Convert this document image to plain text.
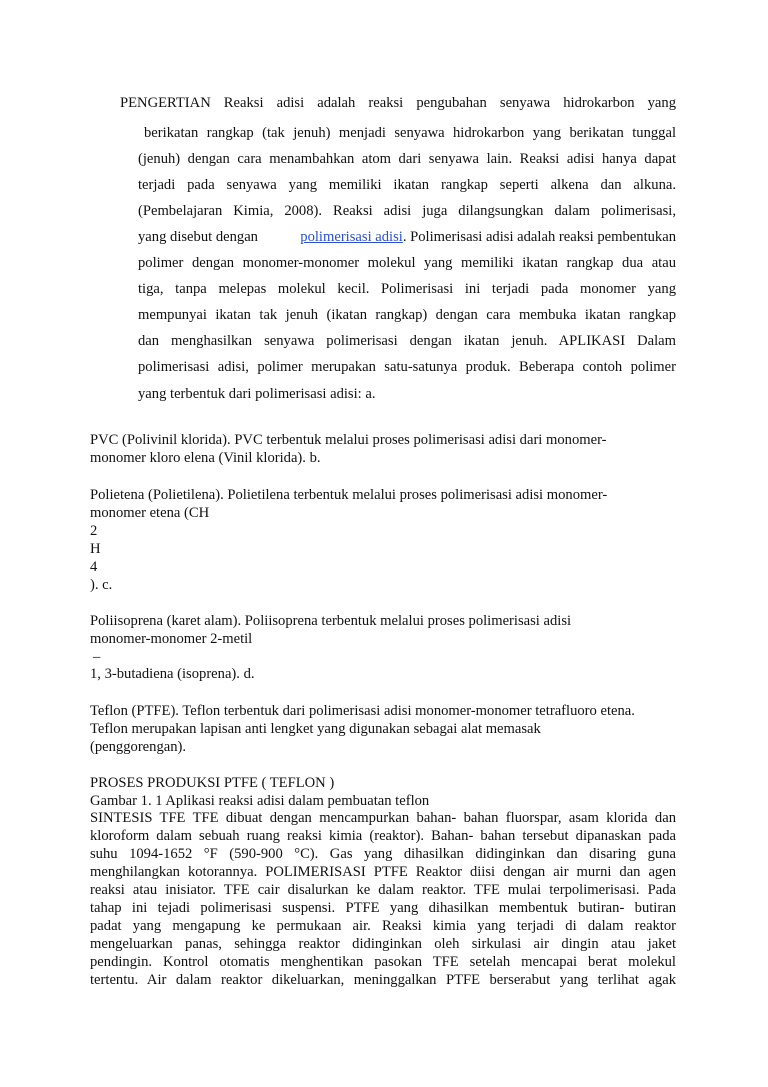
PENGERTIAN Reaksi adisi adalah reaksi pengubahan senyawa hidrokarbon yang
berikatan rangkap (tak jenuh) menjadi senyawa hidrokarbon yang berikatan tunggal
(jenuh) dengan cara menambahkan atom dari senyawa lain. Reaksi adisi hanya dapat
terjadi pada senyawa yang memiliki ikatan rangkap seperti alkena dan alkuna.
(Pembelajaran Kimia, 2008). Reaksi adisi juga dilangsungkan dalam polimerisasi,
yang disebut dengan	polimerisasi adisi. Polimerisasi adisi adalah reaksi pembentukan
polimer dengan monomer-monomer molekul yang memiliki ikatan rangkap dua atau
tiga, tanpa melepas molekul kecil. Polimerisasi ini terjadi pada monomer yang
mempunyai ikatan tak jenuh (ikatan rangkap) dengan cara membuka ikatan rangkap
dan menghasilkan senyawa polimerisasi dengan ikatan jenuh. APLIKASI Dalam
polimerisasi adisi, polimer merupakan satu-satunya produk. Beberapa contoh polimer
yang terbentuk dari polimerisasi adisi: a.
PVC (Polivinil klorida). PVC terbentuk melalui proses polimerisasi adisi dari monomer-
monomer kloro elena (Vinil klorida). b.
Polietena (Polietilena). Polietilena terbentuk melalui proses polimerisasi adisi monomer-
monomer etena (CH
2
H
4
). c.
Poliisoprena (karet alam). Poliisoprena terbentuk melalui proses polimerisasi adisi
monomer-monomer 2-metil
–
1, 3-butadiena (isoprena). d.
Teflon (PTFE). Teflon terbentuk dari polimerisasi adisi monomer-monomer tetrafluoro etena.
Teflon merupakan lapisan anti lengket yang digunakan sebagai alat memasak
(penggorengan).
PROSES PRODUKSI PTFE ( TEFLON )
Gambar 1. 1 Aplikasi reaksi adisi dalam pembuatan teflon
SINTESIS TFE TFE dibuat dengan mencampurkan bahan- bahan fluorspar, asam klorida dan
kloroform dalam sebuah ruang reaksi kimia (reaktor). Bahan- bahan tersebut dipanaskan pada
suhu 1094-1652 °F (590-900 °C). Gas yang dihasilkan didinginkan dan disaring guna
menghilangkan kotorannya. POLIMERISASI PTFE Reaktor diisi dengan air murni dan agen
reaksi atau inisiator. TFE cair disalurkan ke dalam reaktor. TFE mulai terpolimerisasi. Pada
tahap ini tejadi polimerisasi suspensi. PTFE yang dihasilkan membentuk butiran- butiran
padat yang mengapung ke permukaan air. Reaksi kimia yang terjadi di dalam reaktor
mengeluarkan panas, sehingga reaktor didinginkan oleh sirkulasi air dingin atau jaket
pendingin. Kontrol otomatis menghentikan pasokan TFE setelah mencapai berat molekul
tertentu. Air dalam reaktor dikeluarkan, meninggalkan PTFE berserabut yang terlihat agak
